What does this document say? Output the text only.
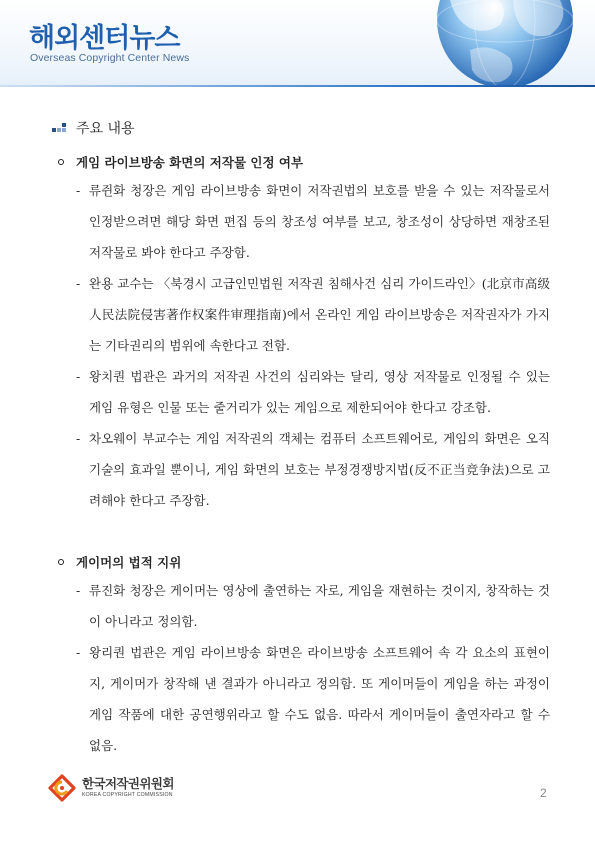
해외센터뉴스
Overseas Copyright Center News
주요 내용
게임 라이브방송 화면의 저작물 인정 여부
- 류쥔화 청장은 게임 라이브방송 화면이 저작권법의 보호를 받을 수 있는 저작물로서 인정받으려면 해당 화면 편집 등의 창조성 여부를 보고, 창조성이 상당하면 재창조된 저작물로 봐야 한다고 주장함.
- 완용 교수는 〈북경시 고급인민법원 저작권 침해사건 심리 가이드라인〉(北京市高级人民法院侵害著作权案件审理指南)에서 온라인 게임 라이브방송은 저작권자가 가지는 기타권리의 범위에 속한다고 전함.
- 왕치퀀 법관은 과거의 저작권 사건의 심리와는 달리, 영상 저작물로 인정될 수 있는 게임 유형은 인물 또는 줄거리가 있는 게임으로 제한되어야 한다고 강조함.
- 차오웨이 부교수는 게임 저작권의 객체는 컴퓨터 소프트웨어로, 게임의 화면은 오직 기술의 효과일 뿐이니, 게임 화면의 보호는 부정경쟁방지법(反不正当竞争法)으로 고려해야 한다고 주장함.
게이머의 법적 지위
- 류진화 청장은 게이머는 영상에 출연하는 자로, 게임을 재현하는 것이지, 창작하는 것이 아니라고 정의함.
- 왕리퀀 법관은 게임 라이브방송 화면은 라이브방송 소프트웨어 속 각 요소의 표현이지, 게이머가 창작해 낸 결과가 아니라고 정의함. 또 게이머들이 게임을 하는 과정이 게임 작품에 대한 공연행위라고 할 수도 없음. 따라서 게이머들이 출연자라고 할 수 없음.
한국저작권위원회
KOREA COPYRIGHT COMMISSION	2
